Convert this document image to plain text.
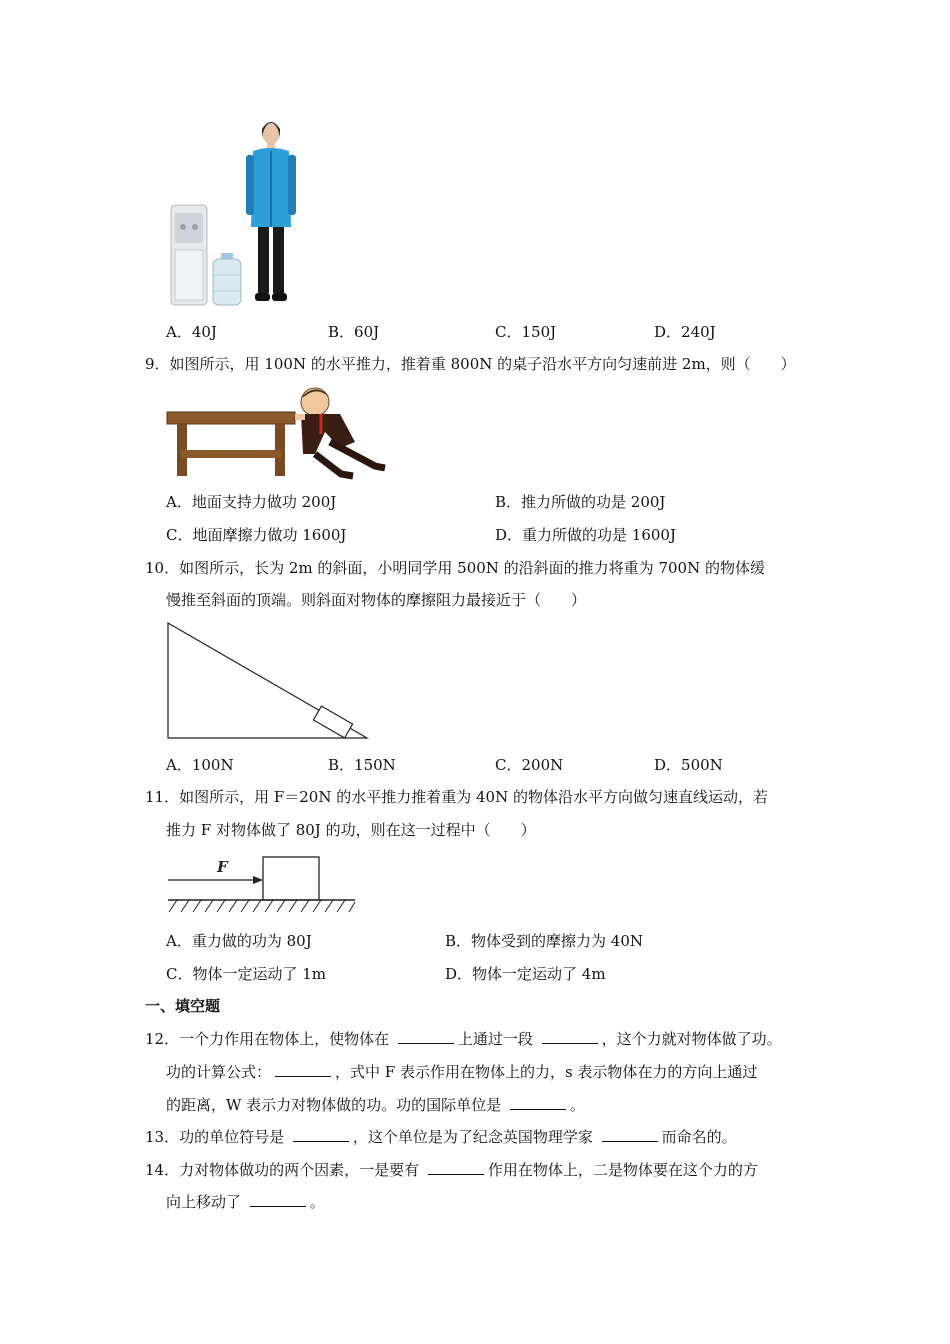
A．40J	B．60J	C．150J	D．240J
9．如图所示，用 100N 的水平推力，推着重 800N 的桌子沿水平方向匀速前进 2m，则（　　）
A．地面支持力做功 200J	B．推力所做的功是 200J
C．地面摩擦力做功 1600J	D．重力所做的功是 1600J
10．如图所示，长为 2m 的斜面，小明同学用 500N 的沿斜面的推力将重为 700N 的物体缓
慢推至斜面的顶端。则斜面对物体的摩擦阻力最接近于（　　）
A．100N	B．150N	C．200N	D．500N
11．如图所示，用 F＝20N 的水平推力推着重为 40N 的物体沿水平方向做匀速直线运动，若
推力 F 对物体做了 80J 的功，则在这一过程中（　　）
F
A．重力做的功为 80J	B．物体受到的摩擦力为 40N
C．物体一定运动了 1m	D．物体一定运动了 4m
一、填空题
12．一个力作用在物体上，使物体在	上通过一段	，这个力就对物体做了功。
功的计算公式：	，式中 F 表示作用在物体上的力，s 表示物体在力的方向上通过
的距离，W 表示力对物体做的功。功的国际单位是	。
13．功的单位符号是	，这个单位是为了纪念英国物理学家	而命名的。
14．力对物体做功的两个因素，一是要有	作用在物体上，二是物体要在这个力的方
向上移动了	。
